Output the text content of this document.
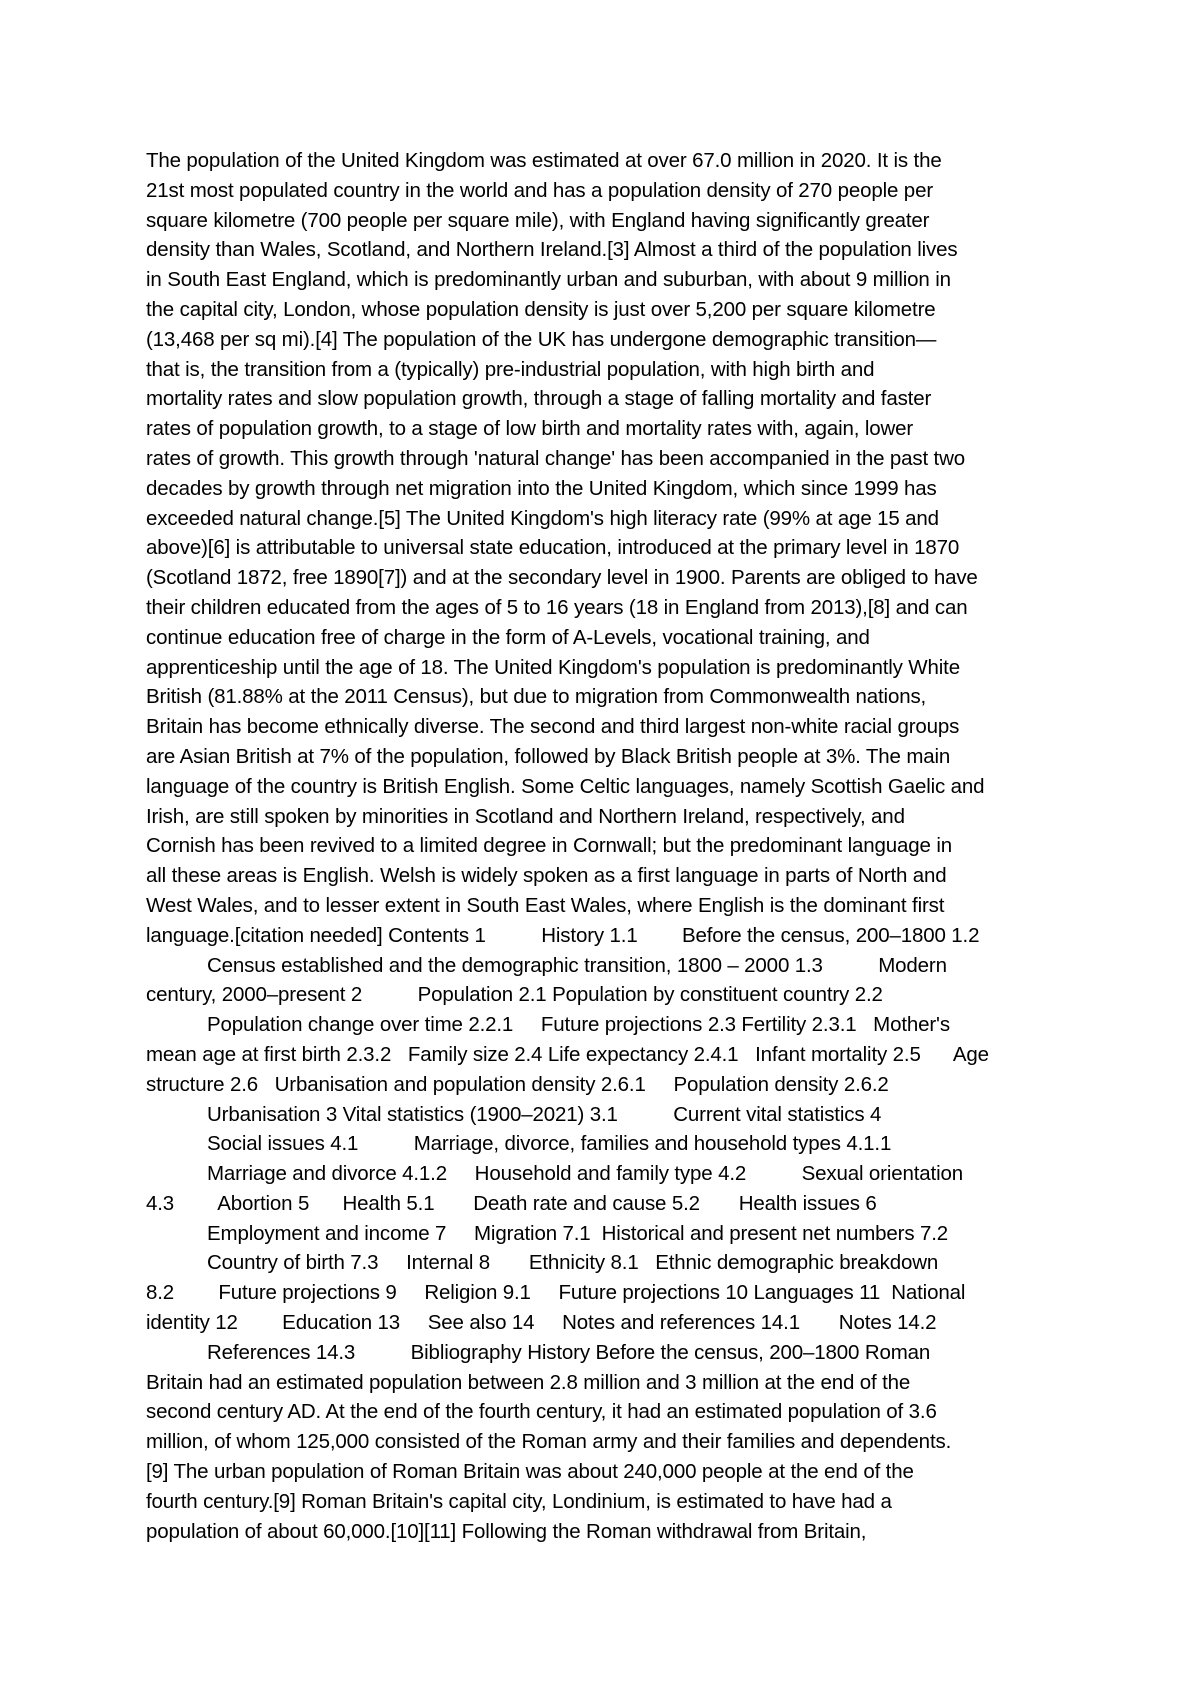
The population of the United Kingdom was estimated at over 67.0 million in 2020. It is the
21st most populated country in the world and has a population density of 270 people per
square kilometre (700 people per square mile), with England having significantly greater
density than Wales, Scotland, and Northern Ireland.[3] Almost a third of the population lives
in South East England, which is predominantly urban and suburban, with about 9 million in
the capital city, London, whose population density is just over 5,200 per square kilometre
(13,468 per sq mi).[4] The population of the UK has undergone demographic transition—
that is, the transition from a (typically) pre-industrial population, with high birth and
mortality rates and slow population growth, through a stage of falling mortality and faster
rates of population growth, to a stage of low birth and mortality rates with, again, lower
rates of growth. This growth through 'natural change' has been accompanied in the past two
decades by growth through net migration into the United Kingdom, which since 1999 has
exceeded natural change.[5] The United Kingdom's high literacy rate (99% at age 15 and
above)[6] is attributable to universal state education, introduced at the primary level in 1870
(Scotland 1872, free 1890[7]) and at the secondary level in 1900. Parents are obliged to have
their children educated from the ages of 5 to 16 years (18 in England from 2013),[8] and can
continue education free of charge in the form of A-Levels, vocational training, and
apprenticeship until the age of 18. The United Kingdom's population is predominantly White
British (81.88% at the 2011 Census), but due to migration from Commonwealth nations,
Britain has become ethnically diverse. The second and third largest non-white racial groups
are Asian British at 7% of the population, followed by Black British people at 3%. The main
language of the country is British English. Some Celtic languages, namely Scottish Gaelic and
Irish, are still spoken by minorities in Scotland and Northern Ireland, respectively, and
Cornish has been revived to a limited degree in Cornwall; but the predominant language in
all these areas is English. Welsh is widely spoken as a first language in parts of North and
West Wales, and to lesser extent in South East Wales, where English is the dominant first
language.[citation needed] Contents 1          History 1.1        Before the census, 200–1800 1.2
Census established and the demographic transition, 1800 – 2000 1.3          Modern
century, 2000–present 2          Population 2.1 Population by constituent country 2.2
Population change over time 2.2.1     Future projections 2.3 Fertility 2.3.1   Mother's
mean age at first birth 2.3.2   Family size 2.4 Life expectancy 2.4.1   Infant mortality 2.5      Age
structure 2.6   Urbanisation and population density 2.6.1     Population density 2.6.2
Urbanisation 3 Vital statistics (1900–2021) 3.1          Current vital statistics 4
Social issues 4.1          Marriage, divorce, families and household types 4.1.1
Marriage and divorce 4.1.2     Household and family type 4.2          Sexual orientation
4.3        Abortion 5      Health 5.1       Death rate and cause 5.2       Health issues 6
Employment and income 7     Migration 7.1  Historical and present net numbers 7.2
Country of birth 7.3     Internal 8       Ethnicity 8.1   Ethnic demographic breakdown
8.2        Future projections 9     Religion 9.1     Future projections 10 Languages 11  National
identity 12        Education 13     See also 14     Notes and references 14.1       Notes 14.2
References 14.3          Bibliography History Before the census, 200–1800 Roman
Britain had an estimated population between 2.8 million and 3 million at the end of the
second century AD. At the end of the fourth century, it had an estimated population of 3.6
million, of whom 125,000 consisted of the Roman army and their families and dependents.
[9] The urban population of Roman Britain was about 240,000 people at the end of the
fourth century.[9] Roman Britain's capital city, Londinium, is estimated to have had a
population of about 60,000.[10][11] Following the Roman withdrawal from Britain,
